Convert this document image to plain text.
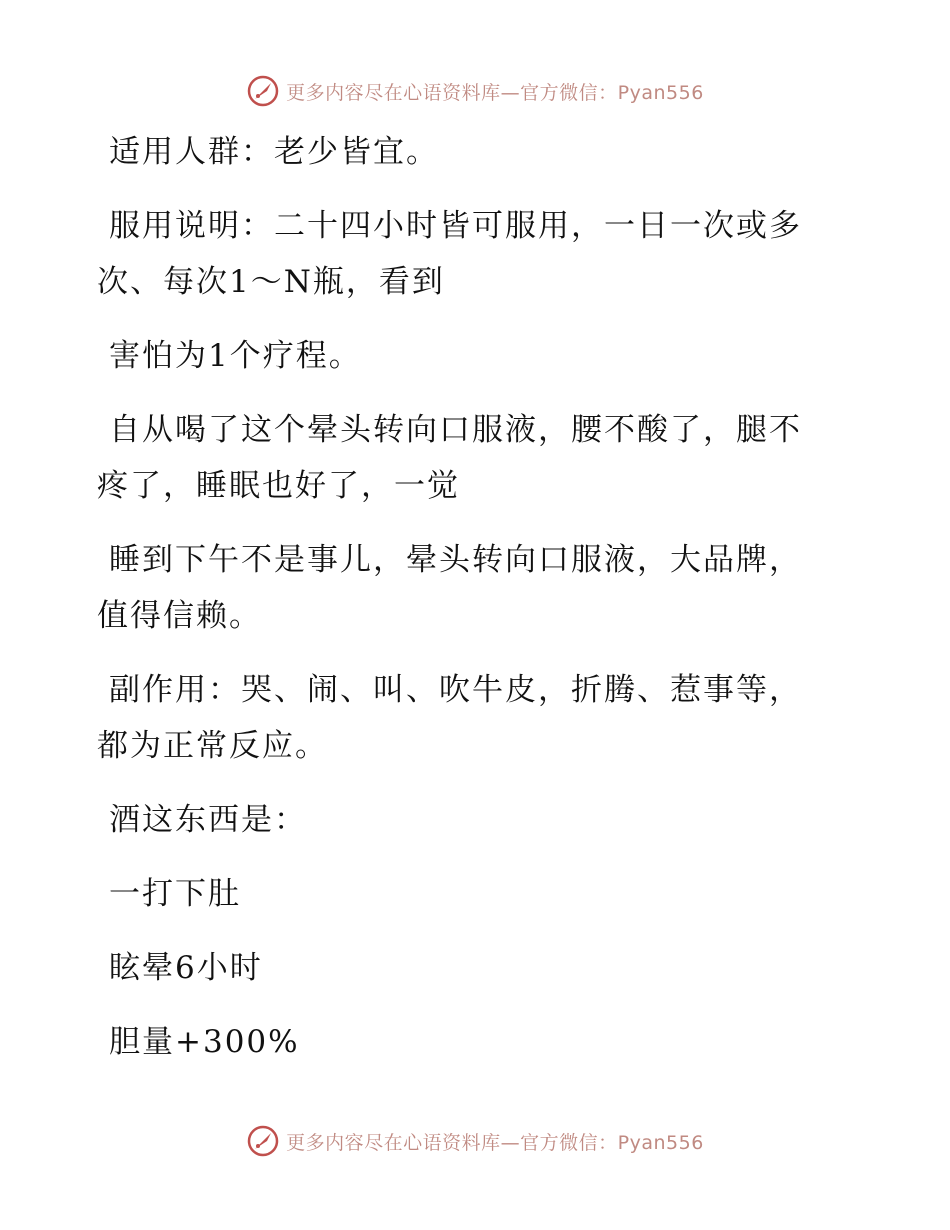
更多内容尽在心语资料库—官方微信：Pyan556

适用人群：老少皆宜。

服用说明：二十四小时皆可服用，一日一次或多
次、每次1～N瓶，看到

害怕为1个疗程。

自从喝了这个晕头转向口服液，腰不酸了，腿不
疼了，睡眠也好了，一觉

睡到下午不是事儿，晕头转向口服液，大品牌，
值得信赖。

副作用：哭、闹、叫、吹牛皮，折腾、惹事等，
都为正常反应。

酒这东西是：

一打下肚

眩晕6小时

胆量+300%

更多内容尽在心语资料库—官方微信：Pyan556
